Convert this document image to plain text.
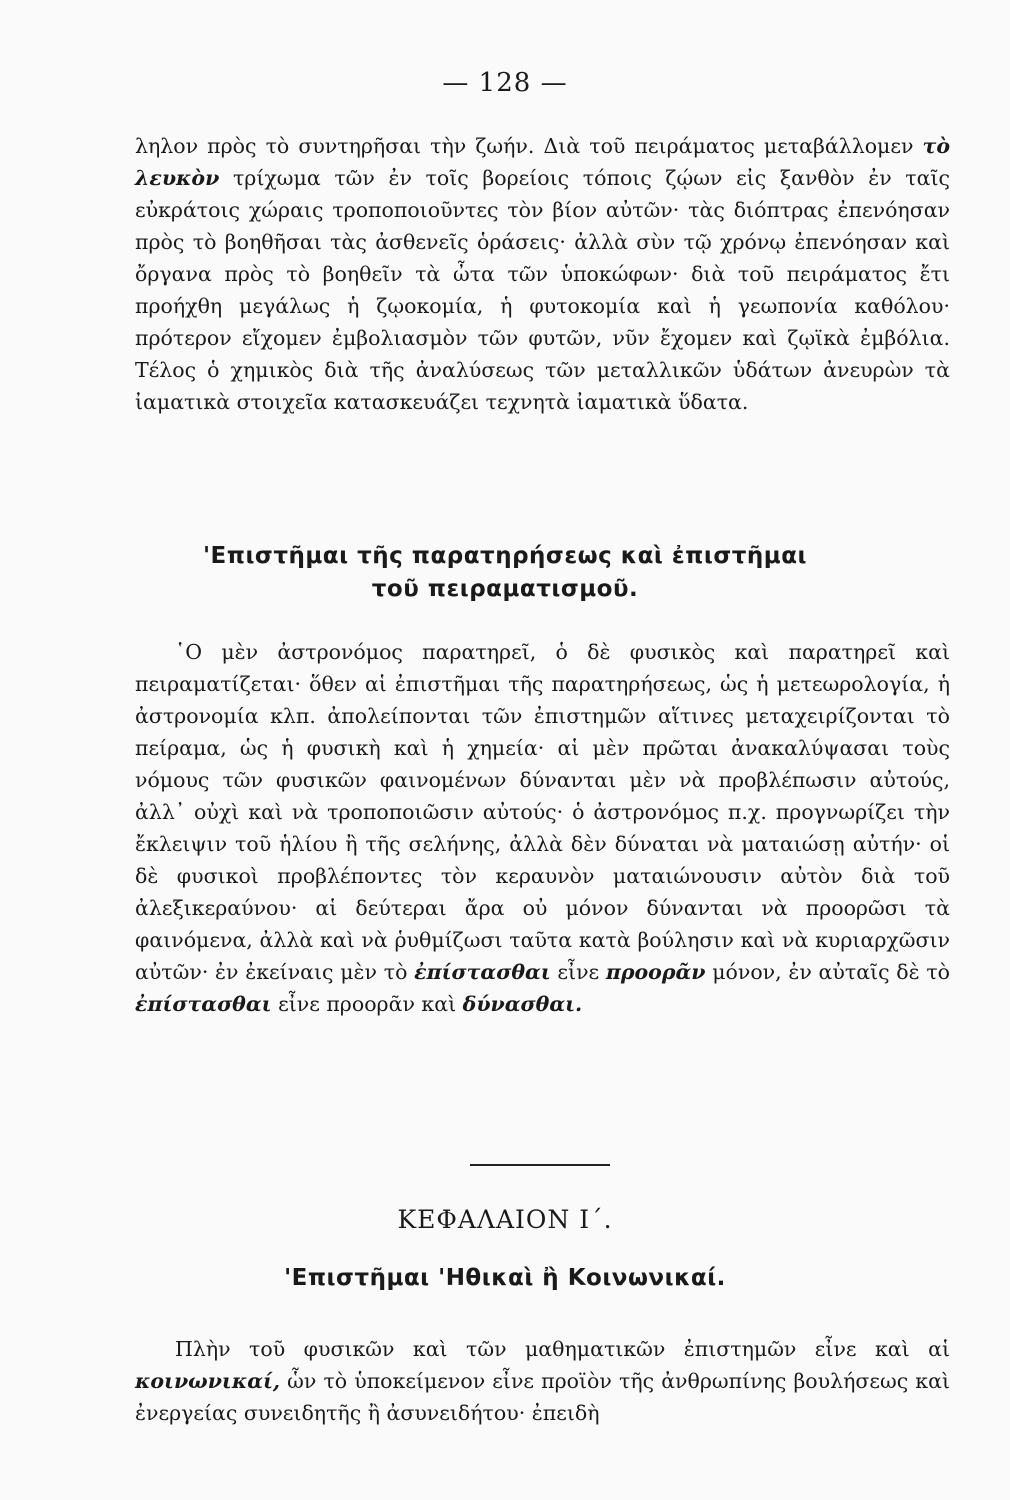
— 128 —

ληλον πρὸς τὸ συντηρῆσαι τὴν ζωήν. Διὰ τοῦ πειράματος μεταβάλλομεν τὸ λευκὸν τρίχωμα τῶν ἐν τοῖς βορείοις τόποις ζῴων εἰς ξανθὸν ἐν ταῖς εὐκράτοις χώραις τροποποιοῦντες τὸν βίον αὐτῶν· τὰς διόπτρας ἐπενόησαν πρὸς τὸ βοηθῆσαι τὰς ἀσθενεῖς ὁράσεις· ἀλλὰ σὺν τῷ χρόνῳ ἐπενόησαν καὶ ὄργανα πρὸς τὸ βοηθεῖν τὰ ὦτα τῶν ὑποκώφων· διὰ τοῦ πειράματος ἔτι προήχθη μεγάλως ἡ ζῳοκομία, ἡ φυτοκομία καὶ ἡ γεωπονία καθόλου· πρότερον εἴχομεν ἐμβολιασμὸν τῶν φυτῶν, νῦν ἔχομεν καὶ ζῳϊκὰ ἐμβόλια. Τέλος ὁ χημικὸς διὰ τῆς ἀναλύσεως τῶν μεταλλικῶν ὑδάτων ἀνευρὼν τὰ ἰαματικὰ στοιχεῖα κατασκευάζει τεχνητὰ ἰαματικὰ ὕδατα.

'Επιστῆμαι τῆς παρατηρήσεως καὶ ἐπιστῆμαι
τοῦ πειραματισμοῦ.

῾Ο μὲν ἀστρονόμος παρατηρεῖ, ὁ δὲ φυσικὸς καὶ παρατηρεῖ καὶ πειραματίζεται· ὅθεν αἱ ἐπιστῆμαι τῆς παρατηρήσεως, ὡς ἡ μετεωρολογία, ἡ ἀστρονομία κλπ. ἀπολείπονται τῶν ἐπιστημῶν αἵτινες μεταχειρίζονται τὸ πείραμα, ὡς ἡ φυσικὴ καὶ ἡ χημεία· αἱ μὲν πρῶται ἀνακαλύψασαι τοὺς νόμους τῶν φυσικῶν φαινομένων δύνανται μὲν νὰ προβλέπωσιν αὐτούς, ἀλλ᾽ οὐχὶ καὶ νὰ τροποποιῶσιν αὐτούς· ὁ ἀστρονόμος π.χ. προγνωρίζει τὴν ἔκλειψιν τοῦ ἡλίου ἢ τῆς σελήνης, ἀλλὰ δὲν δύναται νὰ ματαιώσῃ αὐτήν· οἱ δὲ φυσικοὶ προβλέποντες τὸν κεραυνὸν ματαιώνουσιν αὐτὸν διὰ τοῦ ἀλεξικεραύνου· αἱ δεύτεραι ἄρα οὐ μόνον δύνανται νὰ προορῶσι τὰ φαινόμενα, ἀλλὰ καὶ νὰ ῥυθμίζωσι ταῦτα κατὰ βούλησιν καὶ νὰ κυριαρχῶσιν αὐτῶν· ἐν ἐκείναις μὲν τὸ ἐπίστασθαι εἶνε προορᾶν μόνον, ἐν αὐταῖς δὲ τὸ ἐπίστασθαι εἶνε προορᾶν καὶ δύνασθαι.

ΚΕΦΑΛΑΙΟΝ Ι΄.
'Επιστῆμαι 'Ηθικαὶ ἢ Κοινωνικαί.

Πλὴν τοῦ φυσικῶν καὶ τῶν μαθηματικῶν ἐπιστημῶν εἶνε καὶ αἱ κοινωνικαί, ὧν τὸ ὑποκείμενον εἶνε προϊὸν τῆς ἀνθρωπίνης βουλήσεως καὶ ἐνεργείας συνειδητῆς ἢ ἀσυνειδήτου· ἐπειδὴ
